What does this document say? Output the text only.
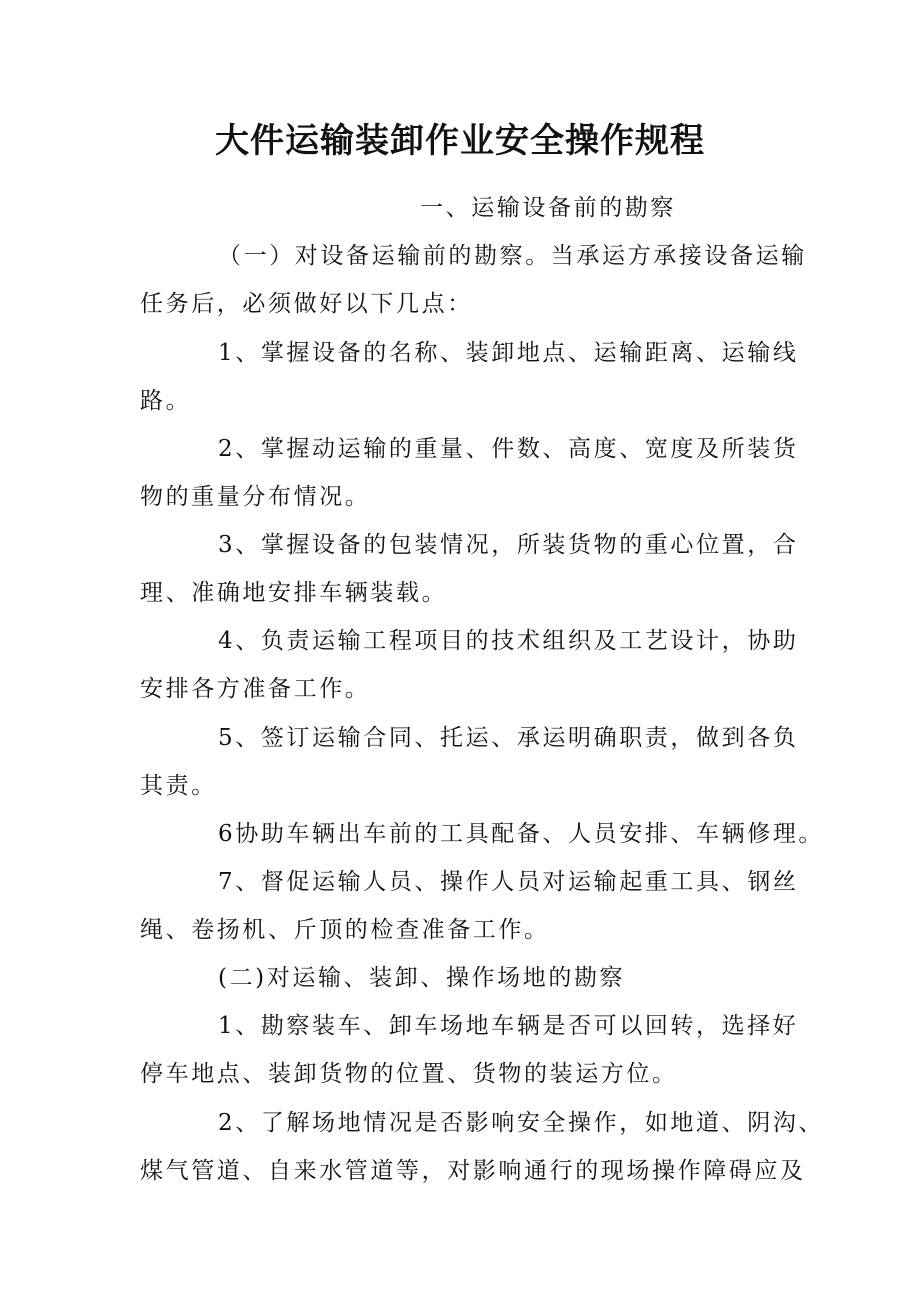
大件运输装卸作业安全操作规程

一、运输设备前的勘察

（一）对设备运输前的勘察。当承运方承接设备运输

任务后，必须做好以下几点：

1、掌握设备的名称、装卸地点、运输距离、运输线

路。

2、掌握动运输的重量、件数、高度、宽度及所装货

物的重量分布情况。

3、掌握设备的包装情况，所装货物的重心位置，合

理、准确地安排车辆装载。

4、负责运输工程项目的技术组织及工艺设计，协助

安排各方准备工作。

5、签订运输合同、托运、承运明确职责，做到各负

其责。

6协助车辆出车前的工具配备、人员安排、车辆修理。

7、督促运输人员、操作人员对运输起重工具、钢丝

绳、卷扬机、斤顶的检查准备工作。

(二)对运输、装卸、操作场地的勘察

1、勘察装车、卸车场地车辆是否可以回转，选择好

停车地点、装卸货物的位置、货物的装运方位。

2、了解场地情况是否影响安全操作，如地道、阴沟、

煤气管道、自来水管道等，对影响通行的现场操作障碍应及
